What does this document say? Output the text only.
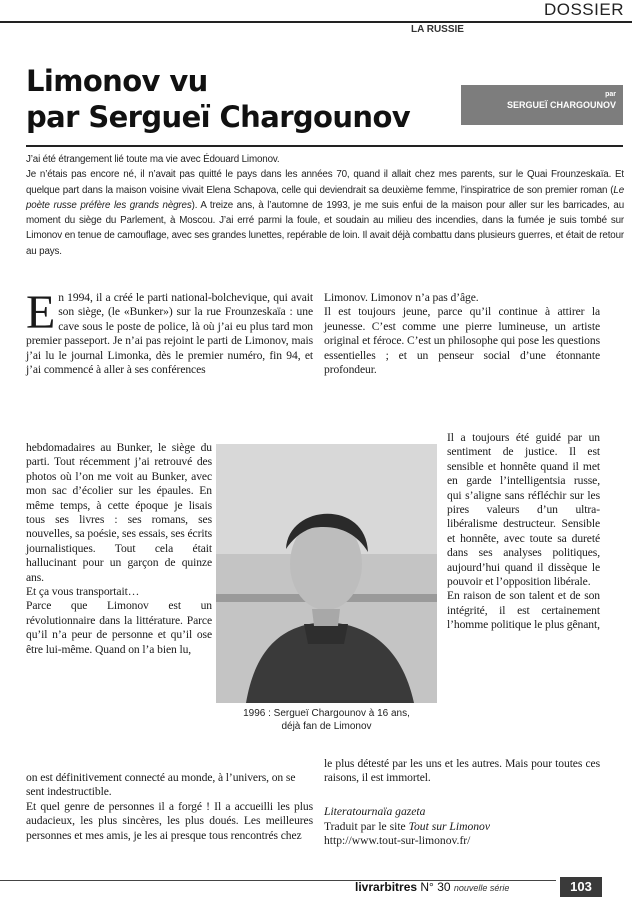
DOSSIER
LA RUSSIE
Limonov vu
par Sergueï Chargounov
par
SERGUEÏ CHARGOUNOV

J’ai été étrangement lié toute ma vie avec Édouard Limonov.

Je n’étais pas encore né, il n’avait pas quitté le pays dans les années 70, quand il allait chez mes parents, sur le Quai Frounzeskaïa. Et quelque part dans la maison voisine vivait Elena Schapova, celle qui deviendrait sa deuxième femme, l’inspiratrice de son premier roman (Le poète russe préfère les grands nègres). A treize ans, à l’automne de 1993, je me suis enfui de la maison pour aller sur les barricades, au moment du siège du Parlement, à Moscou. J’ai erré parmi la foule, et soudain au milieu des incendies, dans la fumée je suis tombé sur Limonov en tenue de camouflage, avec ses grandes lunettes, repérable de loin. Il avait déjà combattu dans plusieurs guerres, et était de retour au pays.

E n 1994, il a créé le parti national-bolchevique, qui avait son siège, (le «Bunker») sur la rue Frounzeskaïa : une cave sous le poste de police, là où j’ai eu plus tard mon premier passeport. Je n’ai pas rejoint le parti de Limonov, mais j’ai lu le journal Limonka, dès le premier numéro, fin 94, et j’ai commencé à aller à ses conférences

hebdomadaires au Bunker, le siège du parti. Tout récemment j’ai retrouvé des photos où l’on me voit au Bunker, avec mon sac d’écolier sur les épaules. En même temps, à cette époque je lisais tous ses livres : ses romans, ses nouvelles, sa poésie, ses essais, ses écrits journalistiques. Tout cela était hallucinant pour un garçon de quinze ans.

Et ça vous transportait…

Parce que Limonov est un révolutionnaire dans la littérature. Parce qu’il n’a peur de personne et qu’il ose être lui-même. Quand on l’a bien lu,

on est définitivement connecté au monde, à l’univers, on se sent indestructible.

Et quel genre de personnes il a forgé ! Il a accueilli les plus audacieux, les plus sincères, les plus doués. Les meilleures personnes et mes amis, je les ai presque tous rencontrés chez

Limonov. Limonov n’a pas d’âge.

Il est toujours jeune, parce qu’il continue à attirer la jeunesse. C’est comme une pierre lumineuse, un artiste original et féroce. C’est un philosophe qui pose les questions essentielles ; et un penseur social d’une étonnante profondeur.

Il a toujours été guidé par un sentiment de justice. Il est sensible et honnête quand il met en garde l’intelligentsia russe, qui s’aligne sans réfléchir sur les pires valeurs d’un ultra-libéralisme destructeur. Sensible et honnête, avec toute sa dureté dans ses analyses politiques, aujourd’hui quand il dissèque le pouvoir et l’opposition libérale.

En raison de son talent et de son intégrité, il est certainement l’homme politique le plus gênant,

le plus détesté par les uns et les autres. Mais pour toutes ces raisons, il est immortel.

Literatournaïa gazeta

Traduit par le site Tout sur Limonov

http://www.tout-sur-limonov.fr/

1996 : Sergueï Chargounov à 16 ans,

déjà fan de Limonov

livrarbitres N° 30 nouvelle série	103
